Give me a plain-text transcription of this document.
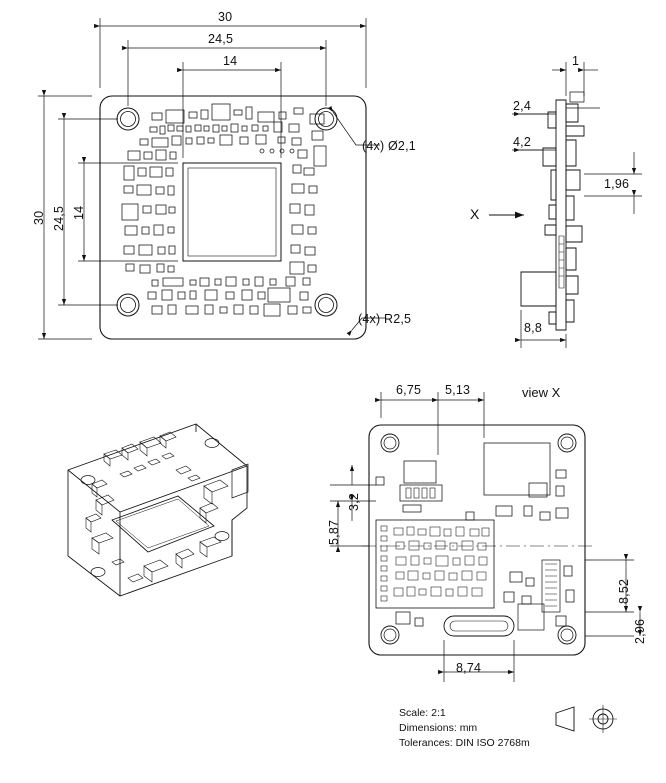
30
24,5
14
30 24,5 14
(4x) Ø2,1
(4x) R2,5
1
2,4
4,2
1,96
8,8
X
view X
6,75 5,13
5,87
3,2
8,52
2,96
8,74
Scale: 2:1
Dimensions: mm
Tolerances: DIN ISO 2768m
